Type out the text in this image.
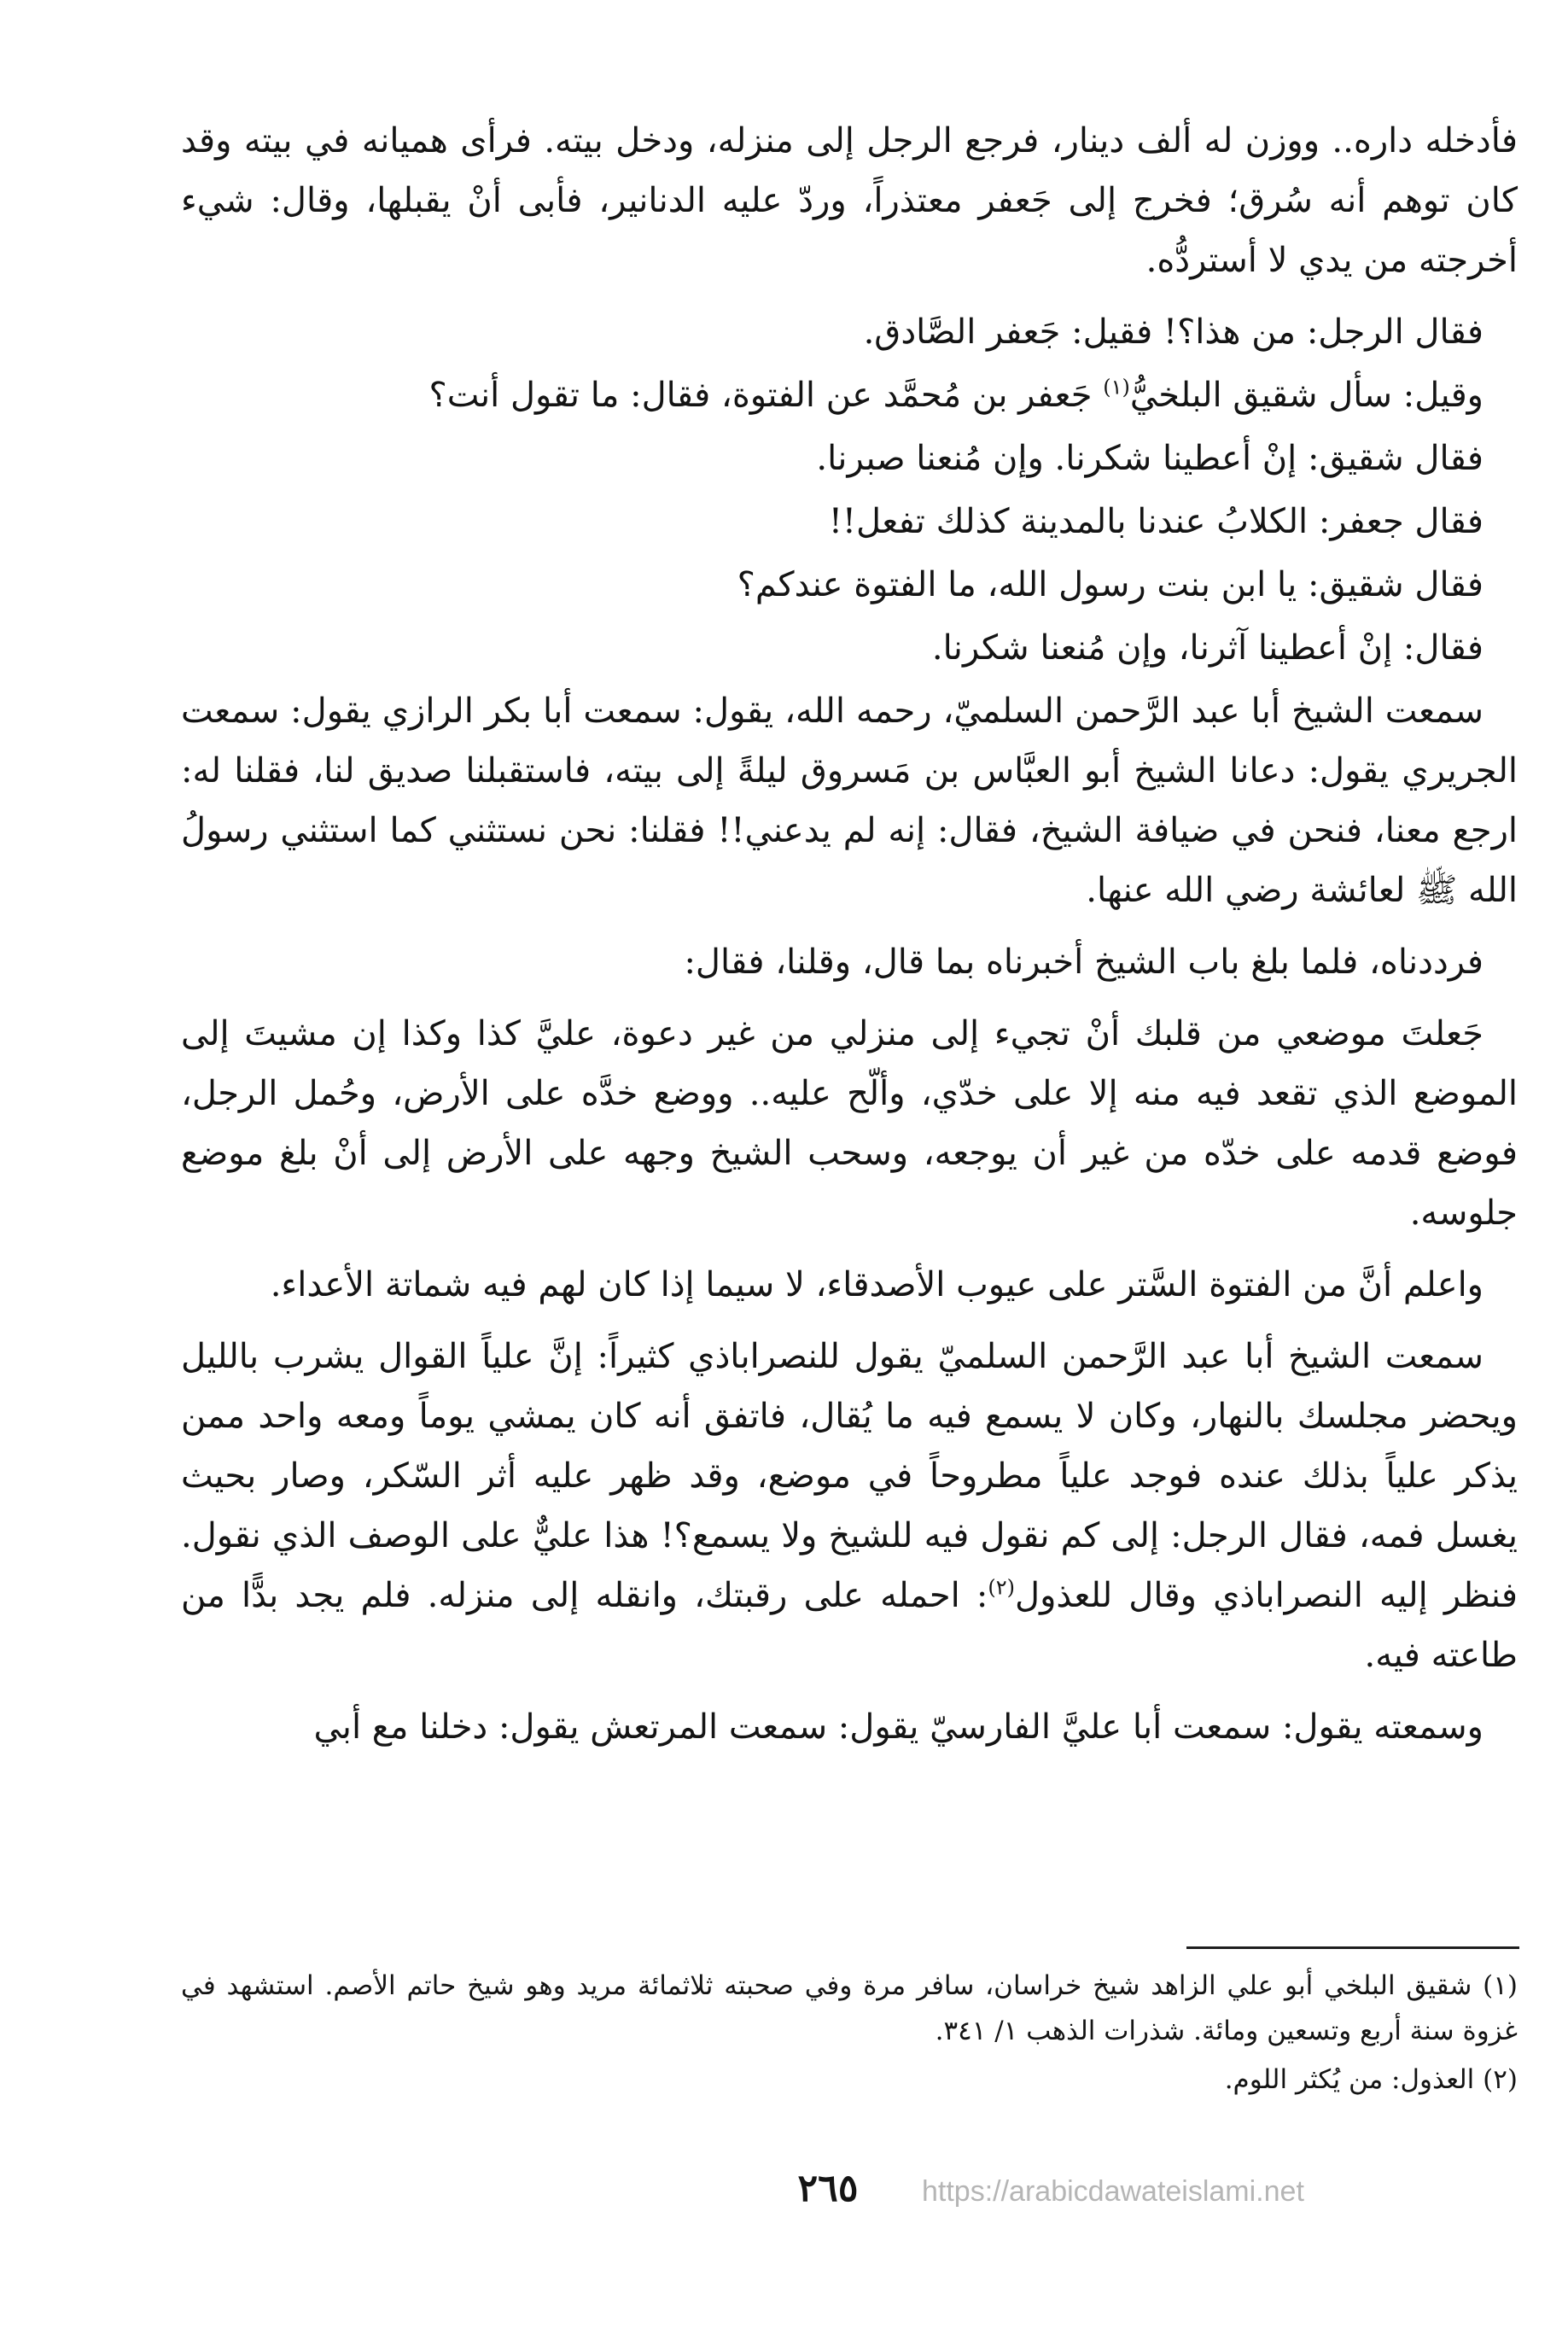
فأدخله داره.. ووزن له ألف دينار، فرجع الرجل إلى منزله، ودخل بيته. فرأى هميانه في بيته وقد كان توهم أنه سُرق؛ فخرج إلى جَعفر معتذراً، وردّ عليه الدنانير، فأبى أنْ يقبلها، وقال: شيء أخرجته من يدي لا أستردُّه.

فقال الرجل: من هذا؟! فقيل: جَعفر الصَّادق.

وقيل: سأل شقيق البلخيُّ$^{(١)}$ جَعفر بن مُحمَّد عن الفتوة، فقال: ما تقول أنت؟

فقال شقيق: إنْ أعطينا شكرنا. وإن مُنعنا صبرنا.

فقال جعفر: الكلابُ عندنا بالمدينة كذلك تفعل!!

فقال شقيق: يا ابن بنت رسول الله، ما الفتوة عندكم؟

فقال: إنْ أعطينا آثرنا، وإن مُنعنا شكرنا.

سمعت الشيخ أبا عبد الرَّحمن السلميّ، رحمه الله، يقول: سمعت أبا بكر الرازي يقول: سمعت الجريري يقول: دعانا الشيخ أبو العبَّاس بن مَسروق ليلةً إلى بيته، فاستقبلنا صديق لنا، فقلنا له: ارجع معنا، فنحن في ضيافة الشيخ، فقال: إنه لم يدعني!! فقلنا: نحن نستثني كما استثني رسولُ الله ﷺ لعائشة رضي الله عنها.

فرددناه، فلما بلغ باب الشيخ أخبرناه بما قال، وقلنا، فقال:

جَعلتَ موضعي من قلبك أنْ تجيء إلى منزلي من غير دعوة، عليَّ كذا وكذا إن مشيتَ إلى الموضع الذي تقعد فيه منه إلا على خدّي، وألّح عليه.. ووضع خدَّه على الأرض، وحُمل الرجل، فوضع قدمه على خدّه من غير أن يوجعه، وسحب الشيخ وجهه على الأرض إلى أنْ بلغ موضع جلوسه.

واعلم أنَّ من الفتوة السَّتر على عيوب الأصدقاء، لا سيما إذا كان لهم فيه شماتة الأعداء.

سمعت الشيخ أبا عبد الرَّحمن السلميّ يقول للنصراباذي كثيراً: إنَّ علياً القوال يشرب بالليل ويحضر مجلسك بالنهار، وكان لا يسمع فيه ما يُقال، فاتفق أنه كان يمشي يوماً ومعه واحد ممن يذكر علياً بذلك عنده فوجد علياً مطروحاً في موضع، وقد ظهر عليه أثر السّكر، وصار بحيث يغسل فمه، فقال الرجل: إلى كم نقول فيه للشيخ ولا يسمع؟! هذا عليٌّ على الوصف الذي نقول. فنظر إليه النصراباذي وقال للعذول$^{(٢)}$: احمله على رقبتك، وانقله إلى منزله. فلم يجد بدًّا من طاعته فيه.

وسمعته يقول: سمعت أبا عليَّ الفارسيّ يقول: سمعت المرتعش يقول: دخلنا مع أبي

(١) شقيق البلخي أبو علي الزاهد شيخ خراسان، سافر مرة وفي صحبته ثلاثمائة مريد وهو شيخ حاتم الأصم. استشهد في غزوة سنة أربع وتسعين ومائة. شذرات الذهب ١/ ٣٤١.

(٢) العذول: من يُكثر اللوم.

٢٦٥	https://arabicdawateislami.net
